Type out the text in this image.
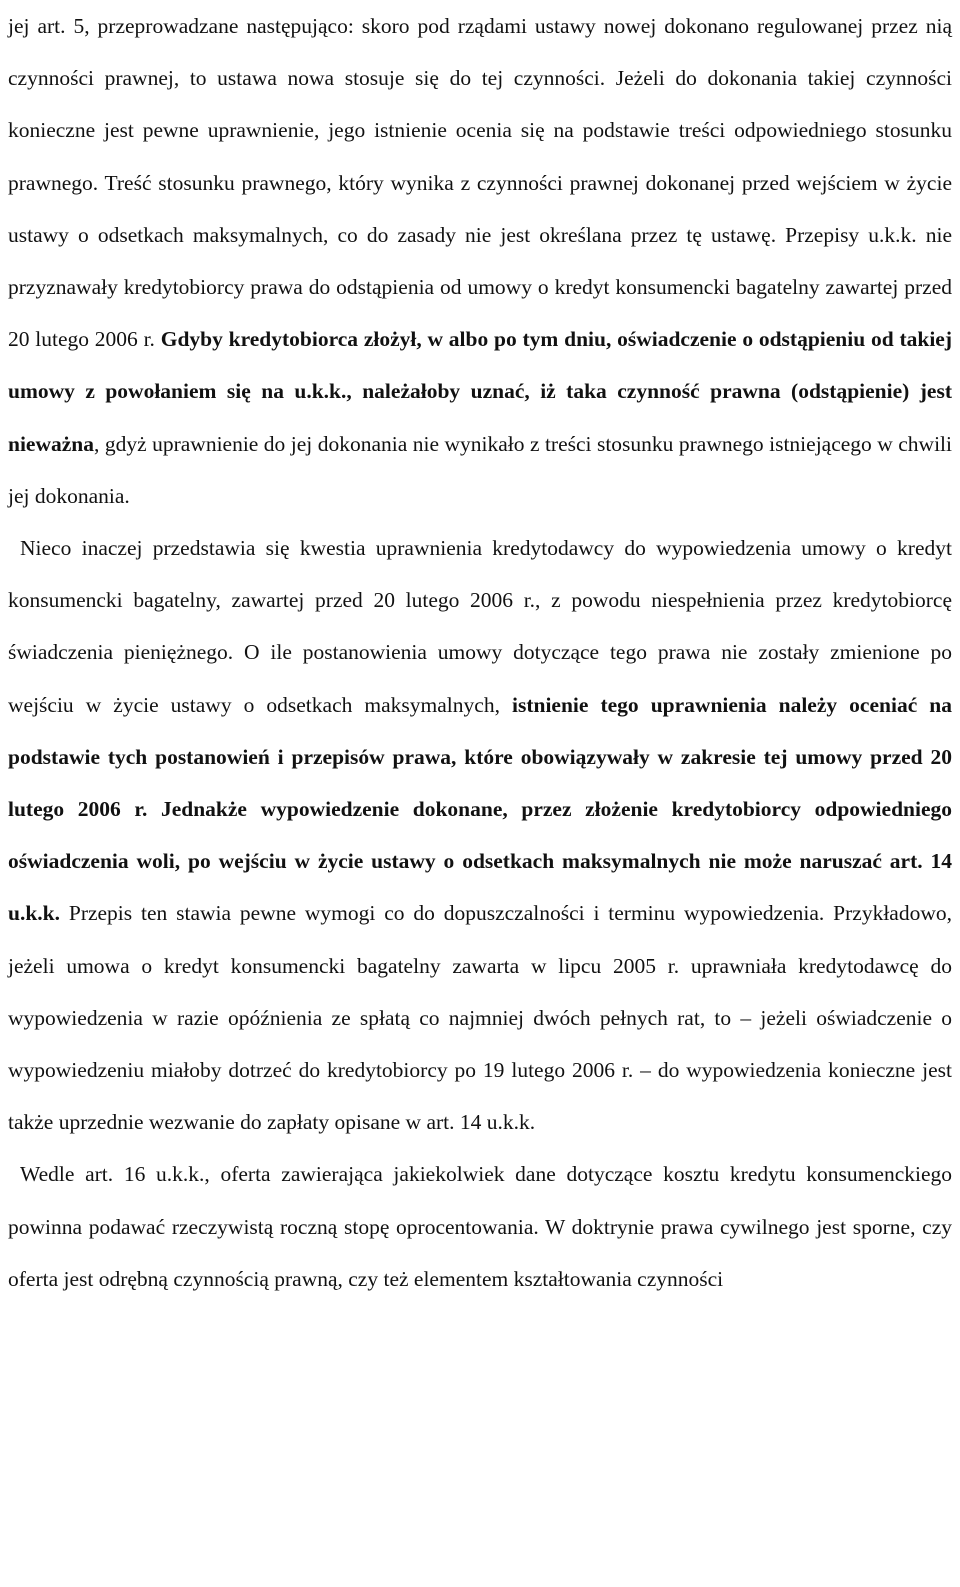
jej art. 5, przeprowadzane następująco: skoro pod rządami ustawy nowej dokonano regulowanej przez nią czynności prawnej, to ustawa nowa stosuje się do tej czynności. Jeżeli do dokonania takiej czynności konieczne jest pewne uprawnienie, jego istnienie ocenia się na podstawie treści odpowiedniego stosunku prawnego. Treść stosunku prawnego, który wynika z czynności prawnej dokonanej przed wejściem w życie ustawy o odsetkach maksymalnych, co do zasady nie jest określana przez tę ustawę. Przepisy u.k.k. nie przyznawały kredytobiorcy prawa do odstąpienia od umowy o kredyt konsumencki bagatelny zawartej przed 20 lutego 2006 r. Gdyby kredytobiorca złożył, w albo po tym dniu, oświadczenie o odstąpieniu od takiej umowy z powołaniem się na u.k.k., należałoby uznać, iż taka czynność prawna (odstąpienie) jest nieważna, gdyż uprawnienie do jej dokonania nie wynikało z treści stosunku prawnego istniejącego w chwili jej dokonania.

Nieco inaczej przedstawia się kwestia uprawnienia kredytodawcy do wypowiedzenia umowy o kredyt konsumencki bagatelny, zawartej przed 20 lutego 2006 r., z powodu niespełnienia przez kredytobiorcę świadczenia pieniężnego. O ile postanowienia umowy dotyczące tego prawa nie zostały zmienione po wejściu w życie ustawy o odsetkach maksymalnych, istnienie tego uprawnienia należy oceniać na podstawie tych postanowień i przepisów prawa, które obowiązywały w zakresie tej umowy przed 20 lutego 2006 r. Jednakże wypowiedzenie dokonane, przez złożenie kredytobiorcy odpowiedniego oświadczenia woli, po wejściu w życie ustawy o odsetkach maksymalnych nie może naruszać art. 14 u.k.k. Przepis ten stawia pewne wymogi co do dopuszczalności i terminu wypowiedzenia. Przykładowo, jeżeli umowa o kredyt konsumencki bagatelny zawarta w lipcu 2005 r. uprawniała kredytodawcę do wypowiedzenia w razie opóźnienia ze spłatą co najmniej dwóch pełnych rat, to – jeżeli oświadczenie o wypowiedzeniu miałoby dotrzeć do kredytobiorcy po 19 lutego 2006 r. – do wypowiedzenia konieczne jest także uprzednie wezwanie do zapłaty opisane w art. 14 u.k.k.

Wedle art. 16 u.k.k., oferta zawierająca jakiekolwiek dane dotyczące kosztu kredytu konsumenckiego powinna podawać rzeczywistą roczną stopę oprocentowania. W doktrynie prawa cywilnego jest sporne, czy oferta jest odrębną czynnością prawną, czy też elementem kształtowania czynności
